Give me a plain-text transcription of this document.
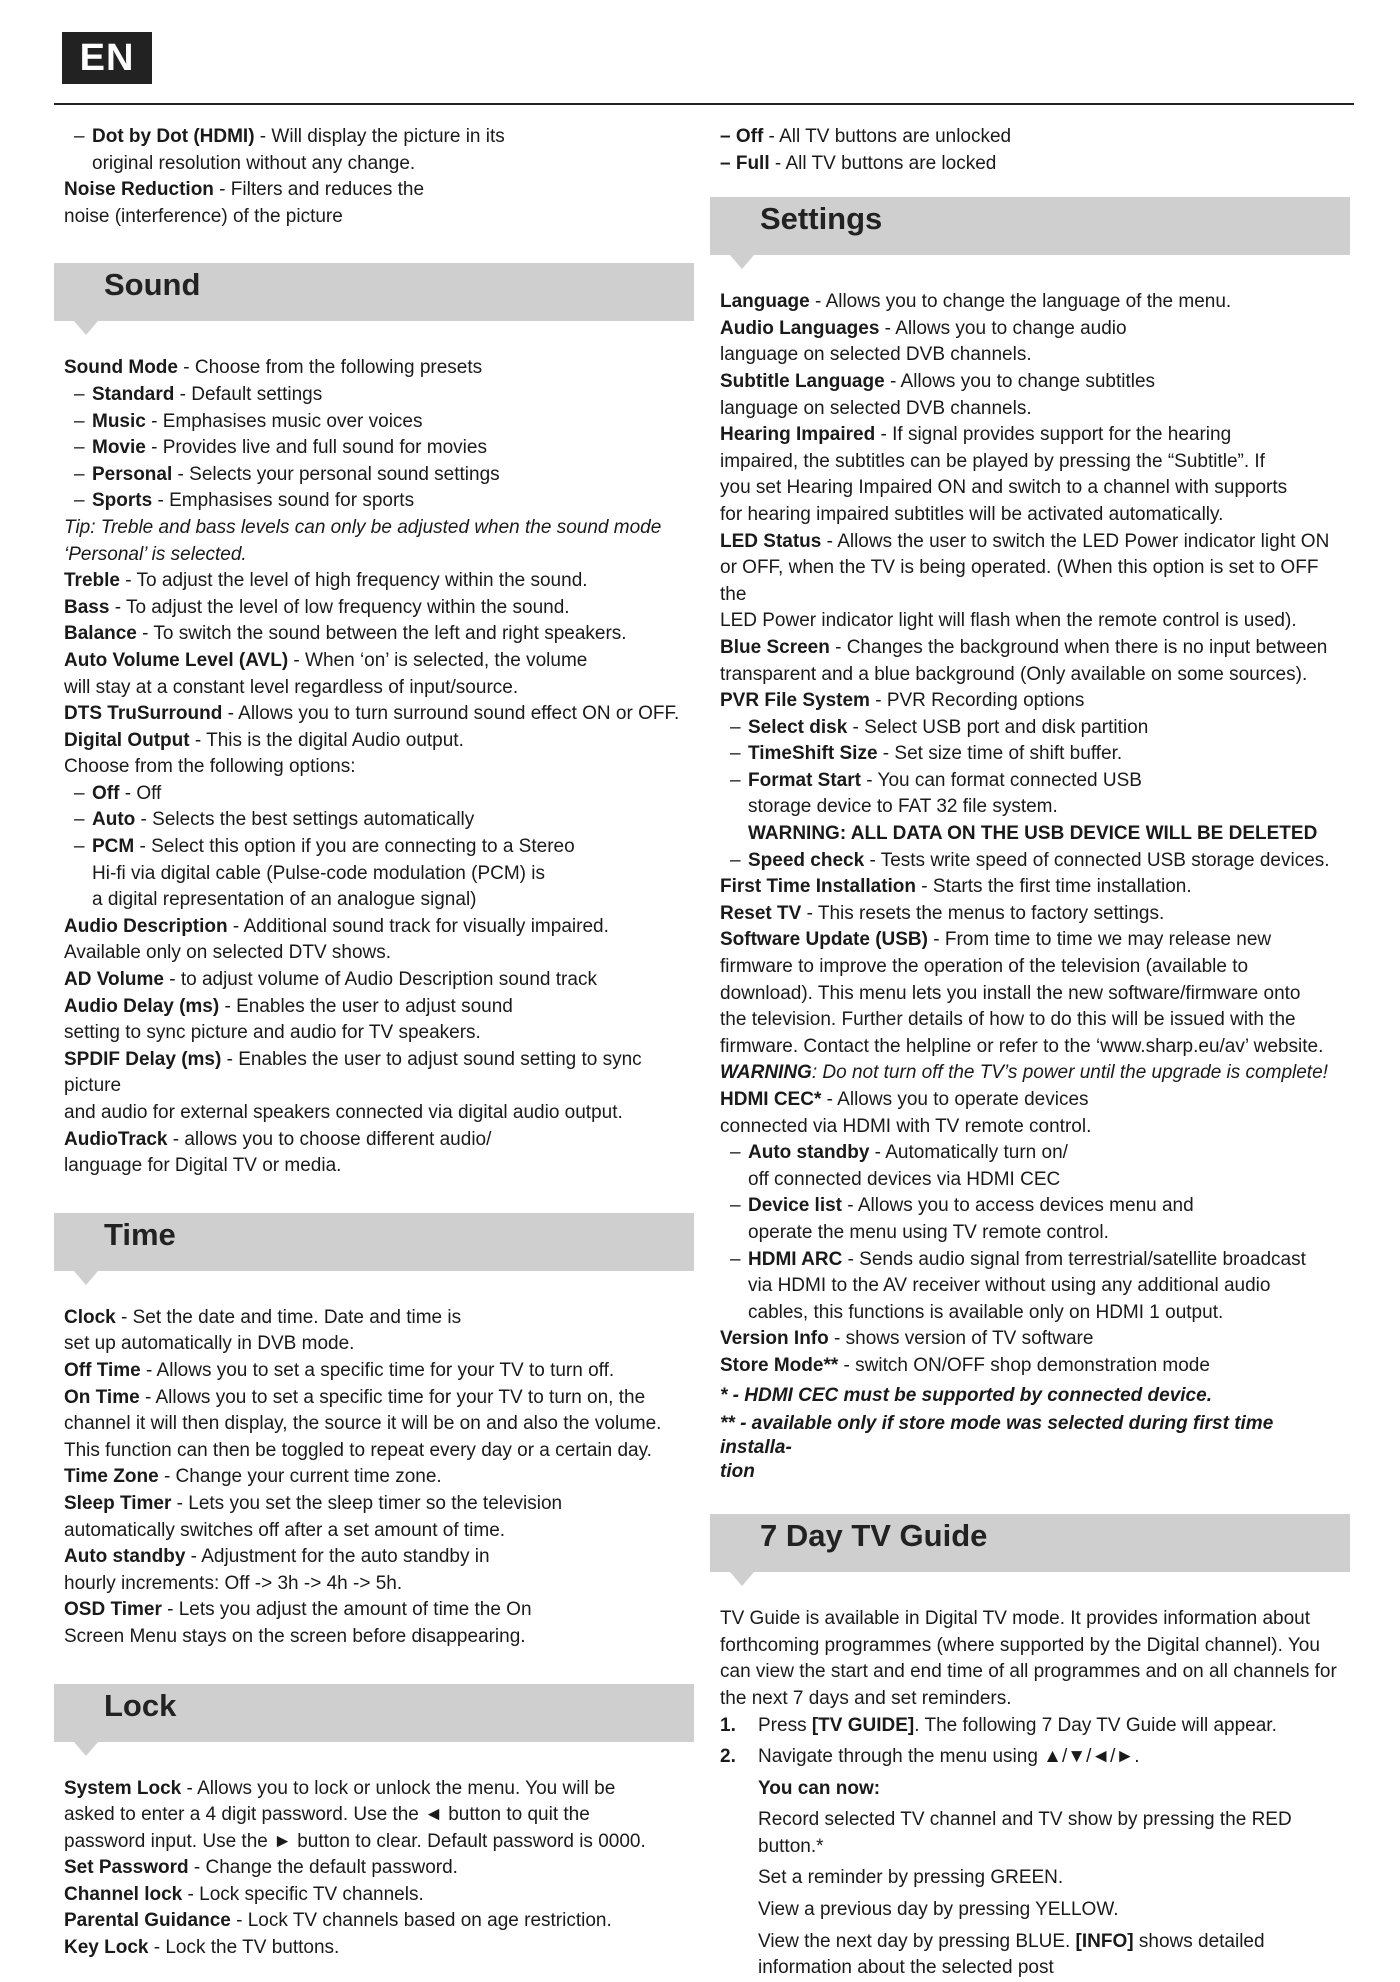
EN
– Dot by Dot (HDMI) - Will display the picture in its
original resolution without any change.
Noise Reduction - Filters and reduces the
noise (interference) of the picture
Sound
Sound Mode - Choose from the following presets
– Standard - Default settings
– Music - Emphasises music over voices
– Movie - Provides live and full sound for movies
– Personal - Selects your personal sound settings
– Sports - Emphasises sound for sports
Tip: Treble and bass levels can only be adjusted when the sound mode
‘Personal’ is selected.
Treble - To adjust the level of high frequency within the sound.
Bass - To adjust the level of low frequency within the sound.
Balance - To switch the sound between the left and right speakers.
Auto Volume Level (AVL) - When ‘on’ is selected, the volume
will stay at a constant level regardless of input/source.
DTS TruSurround - Allows you to turn surround sound effect ON or OFF.
Digital Output - This is the digital Audio output.
Choose from the following options:
– Off - Off
– Auto - Selects the best settings automatically
– PCM - Select this option if you are connecting to a Stereo
Hi-fi via digital cable (Pulse-code modulation (PCM) is
a digital representation of an analogue signal)
Audio Description - Additional sound track for visually impaired.
Available only on selected DTV shows.
AD Volume - to adjust volume of Audio Description sound track
Audio Delay (ms) - Enables the user to adjust sound
setting to sync picture and audio for TV speakers.
SPDIF Delay (ms) - Enables the user to adjust sound setting to sync picture
and audio for external speakers connected via digital audio output.
AudioTrack - allows you to choose different audio/
language for Digital TV or media.
Time
Clock - Set the date and time. Date and time is
set up automatically in DVB mode.
Off Time - Allows you to set a specific time for your TV to turn off.
On Time - Allows you to set a specific time for your TV to turn on, the
channel it will then display, the source it will be on and also the volume.
This function can then be toggled to repeat every day or a certain day.
Time Zone - Change your current time zone.
Sleep Timer - Lets you set the sleep timer so the television
automatically switches off after a set amount of time.
Auto standby - Adjustment for the auto standby in
hourly increments: Off -> 3h -> 4h -> 5h.
OSD Timer - Lets you adjust the amount of time the On
Screen Menu stays on the screen before disappearing.
Lock
System Lock - Allows you to lock or unlock the menu. You will be
asked to enter a 4 digit password. Use the ◄ button to quit the
password input. Use the ► button to clear. Default password is 0000.
Set Password - Change the default password.
Channel lock - Lock specific TV channels.
Parental Guidance - Lock TV channels based on age restriction.
Key Lock - Lock the TV buttons.
– Off - All TV buttons are unlocked
– Full - All TV buttons are locked
Settings
Language - Allows you to change the language of the menu.
Audio Languages - Allows you to change audio
language on selected DVB channels.
Subtitle Language - Allows you to change subtitles
language on selected DVB channels.
Hearing Impaired - If signal provides support for the hearing
impaired, the subtitles can be played by pressing the “Subtitle”. If
you set Hearing Impaired ON and switch to a channel with supports
for hearing impaired subtitles will be activated automatically.
LED Status - Allows the user to switch the LED Power indicator light ON
or OFF, when the TV is being operated. (When this option is set to OFF the
LED Power indicator light will flash when the remote control is used).
Blue Screen - Changes the background when there is no input between
transparent and a blue background (Only available on some sources).
PVR File System - PVR Recording options
– Select disk - Select USB port and disk partition
– TimeShift Size - Set size time of shift buffer.
– Format Start - You can format connected USB
storage device to FAT 32 file system.
WARNING: ALL DATA ON THE USB DEVICE WILL BE DELETED
– Speed check - Tests write speed of connected USB storage devices.
First Time Installation - Starts the first time installation.
Reset TV - This resets the menus to factory settings.
Software Update (USB) - From time to time we may release new
firmware to improve the operation of the television (available to
download). This menu lets you install the new software/firmware onto
the television. Further details of how to do this will be issued with the
firmware. Contact the helpline or refer to the ‘www.sharp.eu/av’ website.
WARNING: Do not turn off the TV’s power until the upgrade is complete!
HDMI CEC* - Allows you to operate devices
connected via HDMI with TV remote control.
– Auto standby - Automatically turn on/
off connected devices via HDMI CEC
– Device list - Allows you to access devices menu and
operate the menu using TV remote control.
– HDMI ARC - Sends audio signal from terrestrial/satellite broadcast
via HDMI to the AV receiver without using any additional audio
cables, this functions is available only on HDMI 1 output.
Version Info - shows version of TV software
Store Mode** - switch ON/OFF shop demonstration mode
* - HDMI CEC must be supported by connected device.
** - available only if store mode was selected during first time installa-
tion
7 Day TV Guide
TV Guide is available in Digital TV mode. It provides information about
forthcoming programmes (where supported by the Digital channel). You
can view the start and end time of all programmes and on all channels for
the next 7 days and set reminders.
1. Press [TV GUIDE]. The following 7 Day TV Guide will appear.
2. Navigate through the menu using ▲/▼/◄/►.
You can now:
Record selected TV channel and TV show by pressing the RED button.*
Set a reminder by pressing GREEN.
View a previous day by pressing YELLOW.
View the next day by pressing BLUE. [INFO] shows detailed
information about the selected post
